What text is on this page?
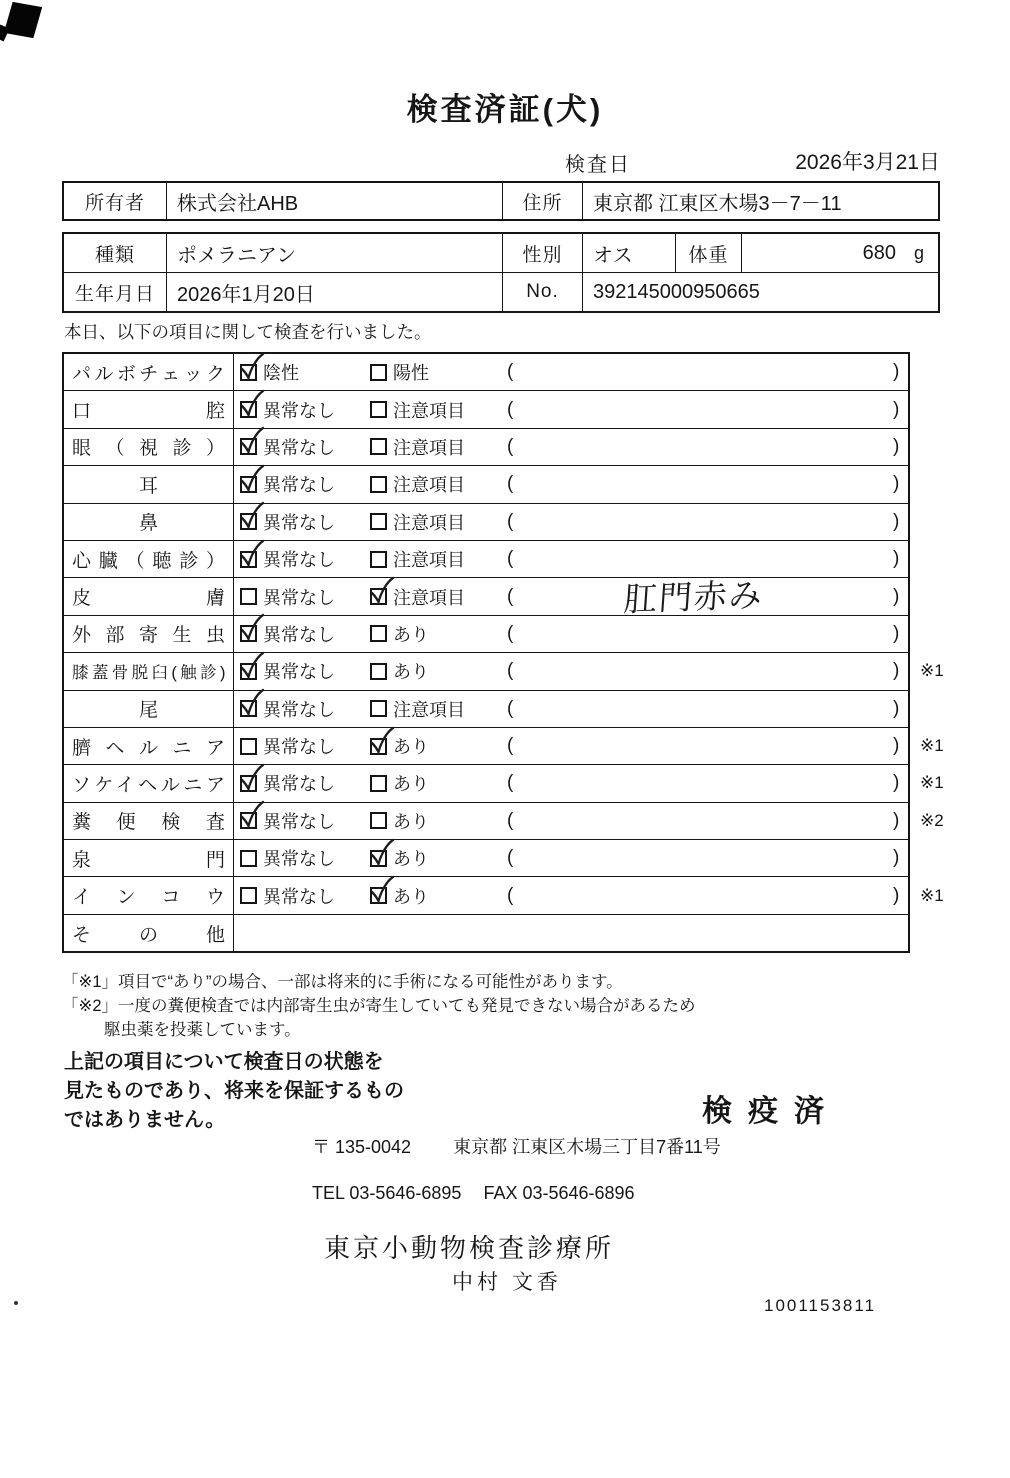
検査済証(犬)
検査日	2026年3月21日
所有者	株式会社AHB	住所	東京都 江東区木場3－7－11
種類	ポメラニアン	性別	オス	体重	680 g
生年月日	2026年1月20日	No.	392145000950665
本日、以下の項目に関して検査を行いました。
パルボチェック 陰性	陽性	(	)
口腔 異常なし	注意項目 (	)
眼（視診） 異常なし	注意項目 (	)
耳	異常なし	注意項目 (	)
鼻	異常なし	注意項目 (	)
心臓（聴診） 異常なし	注意項目 (	)
皮膚 異常なし	注意項目 (	肛門赤み	)
外部寄生虫 異常なし	あり	(	)
膝蓋骨脱臼(触診) 異常なし	あり	(	) ※1
尾	異常なし	注意項目 (	)
臍ヘルニア 異常なし	あり	(	) ※1
ソケイヘルニア 異常なし	あり	(	) ※1
糞便検査 異常なし	あり	(	) ※2
泉門 異常なし	あり	(	)
インコウ 異常なし	あり	(	) ※1
その他
「※1」項目で“あり”の場合、一部は将来的に手術になる可能性があります。
「※2」一度の糞便検査では内部寄生虫が寄生していても発見できない場合があるため
駆虫薬を投薬しています。
上記の項目について検査日の状態を
見たものであり、将来を保証するもの
ではありません。	検疫済
〒 135-0042 東京都 江東区木場三丁目7番11号
TEL 03-5646-6895 FAX 03-5646-6896
東京小動物検査診療所
中村 文香
1001153811
